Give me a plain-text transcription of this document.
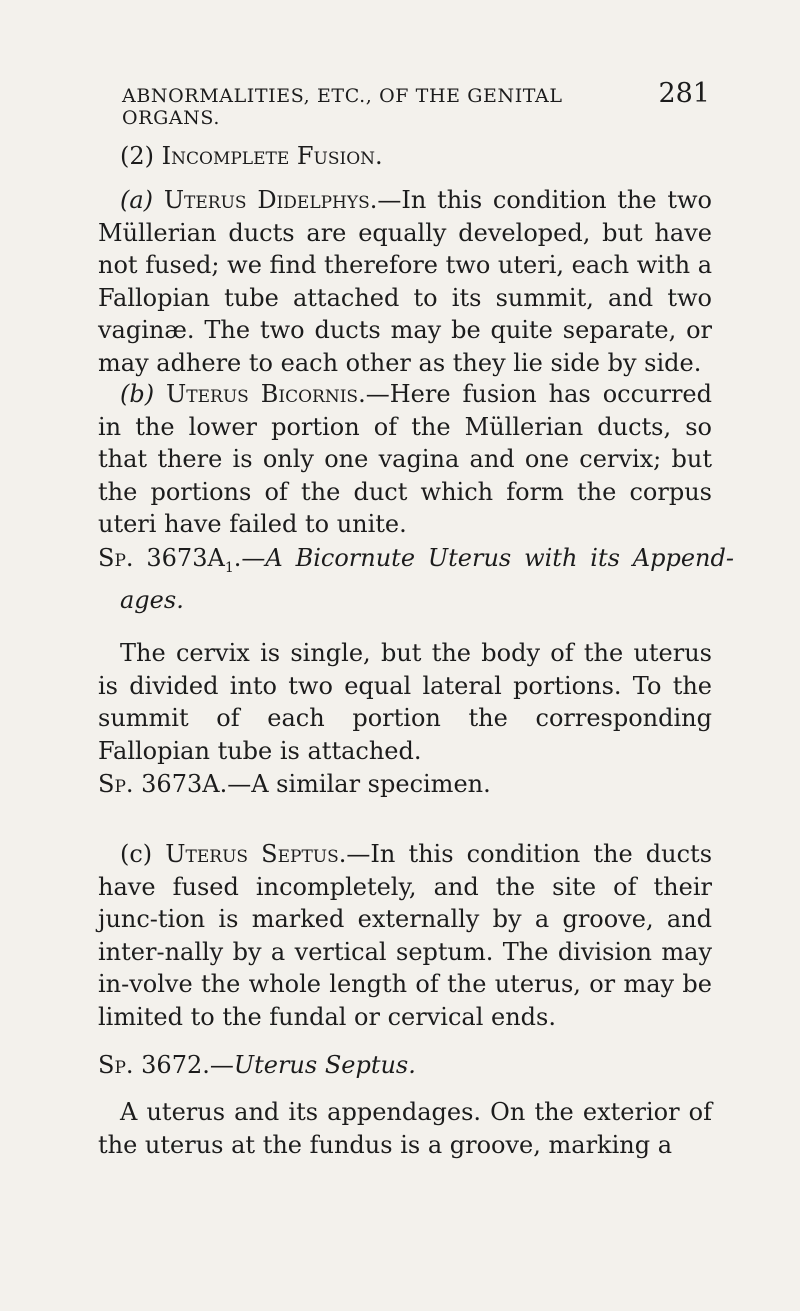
ABNORMALITIES, ETC., OF THE GENITAL ORGANS.
281

(2) Incomplete Fusion.

(a) Uterus Didelphys.—In this condition the two Müllerian ducts are equally developed, but have not fused; we find therefore two uteri, each with a Fallopian tube attached to its summit, and two vaginæ. The two ducts may be quite separate, or may adhere to each other as they lie side by side.

(b) Uterus Bicornis.—Here fusion has occurred in the lower portion of the Müllerian ducts, so that there is only one vagina and one cervix; but the portions of the duct which form the corpus uteri have failed to unite.

Sp. $3673A_1.—A$ Bicornute Uterus with its Append-ages.

The cervix is single, but the body of the uterus is divided into two equal lateral portions. To the summit of each portion the corresponding Fallopian tube is attached.

Sp. 3673A.—A similar specimen.

(c) Uterus Septus.—In this condition the ducts have fused incompletely, and the site of their junc-tion is marked externally by a groove, and inter-nally by a vertical septum. The division may in-volve the whole length of the uterus, or may be limited to the fundal or cervical ends.

Sp. 3672.—Uterus Septus.

A uterus and its appendages. On the exterior of the uterus at the fundus is a groove, marking a
